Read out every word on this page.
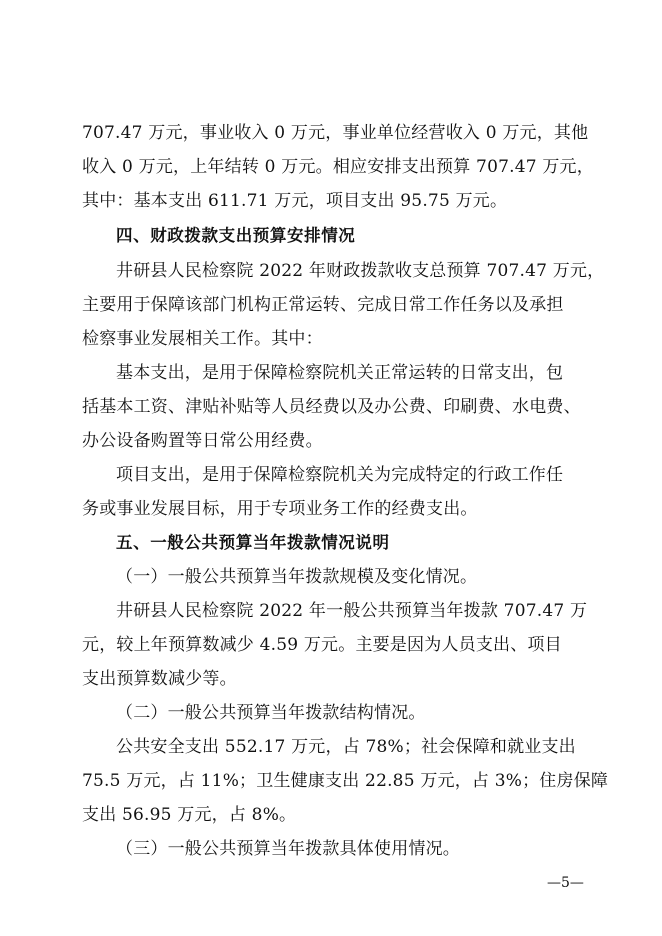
707.47 万元，事业收入 0 万元，事业单位经营收入 0 万元，其他
收入 0 万元，上年结转 0 万元。相应安排支出预算 707.47 万元，
其中：基本支出 611.71 万元，项目支出 95.75 万元。
四、财政拨款支出预算安排情况
井研县人民检察院 2022 年财政拨款收支总预算 707.47 万元，
主要用于保障该部门机构正常运转、完成日常工作任务以及承担
检察事业发展相关工作。其中：
基本支出，是用于保障检察院机关正常运转的日常支出，包
括基本工资、津贴补贴等人员经费以及办公费、印刷费、水电费、
办公设备购置等日常公用经费。
项目支出，是用于保障检察院机关为完成特定的行政工作任
务或事业发展目标，用于专项业务工作的经费支出。
五、一般公共预算当年拨款情况说明
（一）一般公共预算当年拨款规模及变化情况。
井研县人民检察院 2022 年一般公共预算当年拨款 707.47 万
元，较上年预算数减少 4.59 万元。主要是因为人员支出、项目
支出预算数减少等。
（二）一般公共预算当年拨款结构情况。
公共安全支出 552.17 万元，占 78%；社会保障和就业支出
75.5 万元，占 11%；卫生健康支出 22.85 万元，占 3%；住房保障
支出 56.95 万元，占 8%。
（三）一般公共预算当年拨款具体使用情况。
—5—
